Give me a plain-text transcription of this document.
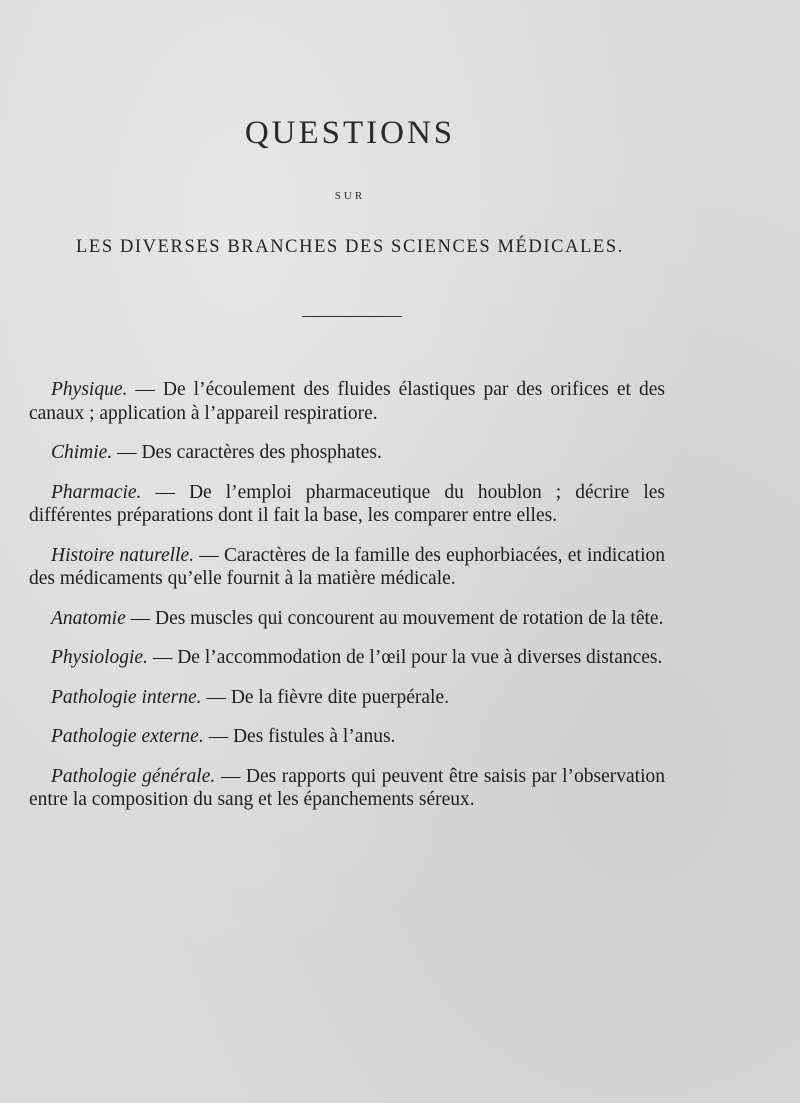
QUESTIONS
SUR
LES DIVERSES BRANCHES DES SCIENCES MÉDICALES.

Physique. — De l’écoulement des fluides élastiques par des orifices et des canaux ; application à l’appareil respiratiore.

Chimie. — Des caractères des phosphates.

Pharmacie. — De l’emploi pharmaceutique du houblon ; décrire les différentes préparations dont il fait la base, les comparer entre elles.

Histoire naturelle. — Caractères de la famille des euphorbiacées, et indication des médicaments qu’elle fournit à la matière médicale.

Anatomie — Des muscles qui concourent au mouvement de rotation de la tête.

Physiologie. — De l’accommodation de l’œil pour la vue à diverses distances.

Pathologie interne. — De la fièvre dite puerpérale.

Pathologie externe. — Des fistules à l’anus.

Pathologie générale. — Des rapports qui peuvent être saisis par l’observation entre la composition du sang et les épanchements séreux.
